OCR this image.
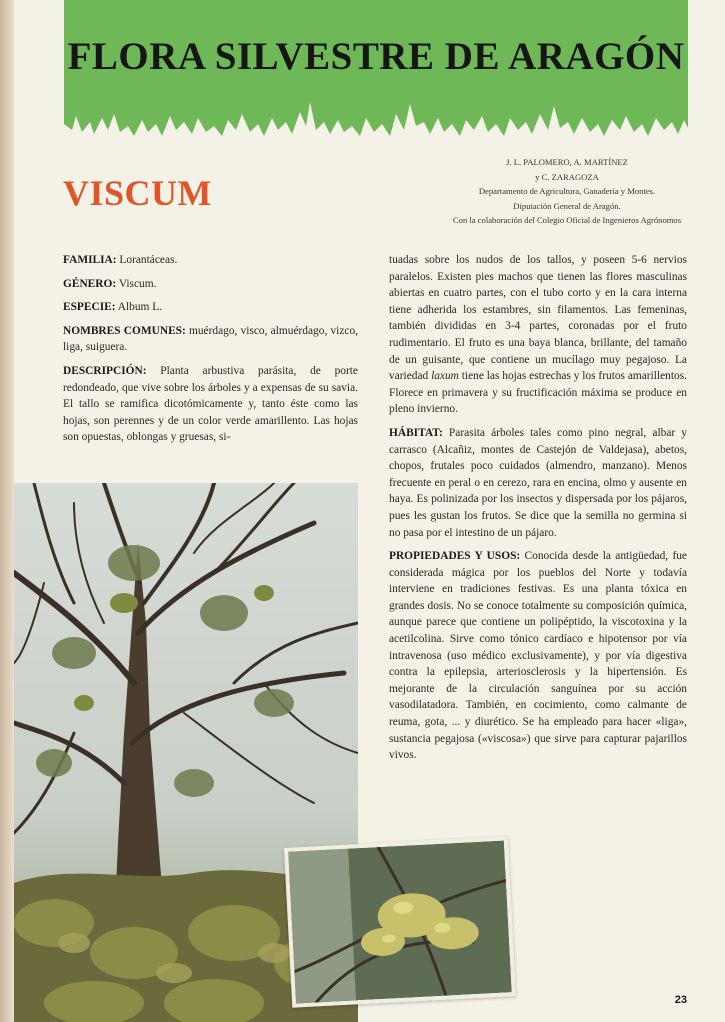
FLORA SILVESTRE DE ARAGÓN
VISCUM
J. L. PALOMERO, A. MARTÍNEZ
y C. ZARAGOZA
Departamento de Agricultura, Ganadería y Montes.
Diputación General de Aragón.
Con la colaboración del Colegio Oficial de Ingenieros Agrónomos

FAMILIA: Lorantáceas.

GÉNERO: Viscum.

ESPECIE: Album L.

NOMBRES COMUNES: muérdago, visco, almuérdago, vizco, liga, suiguera.

DESCRIPCIÓN: Planta arbustiva parásita, de porte redondeado, que vive sobre los árboles y a expensas de su savia. El tallo se ramifica dicotómicamente y, tanto éste como las hojas, son perennes y de un color verde amarillento. Las hojas son opuestas, oblongas y gruesas, si-

tuadas sobre los nudos de los tallos, y poseen 5-6 nervios paralelos. Existen pies machos que tienen las flores masculinas abiertas en cuatro partes, con el tubo corto y en la cara interna tiene adherida los estambres, sin filamentos. Las femeninas, también divididas en 3-4 partes, coronadas por el fruto rudimentario. El fruto es una baya blanca, brillante, del tamaño de un guisante, que contiene un mucílago muy pegajoso. La variedad laxum tiene las hojas estrechas y los frutos amarillentos. Florece en primavera y su fructificación máxima se produce en pleno invierno.

HÁBITAT: Parasita árboles tales como pino negral, albar y carrasco (Alcañiz, montes de Castejón de Valdejasa), abetos, chopos, frutales poco cuidados (almendro, manzano). Menos frecuente en peral o en cerezo, rara en encina, olmo y ausente en haya. Es polinizada por los insectos y dispersada por los pájaros, pues les gustan los frutos. Se dice que la semilla no germina si no pasa por el intestino de un pájaro.

PROPIEDADES Y USOS: Conocida desde la antigüedad, fue considerada mágica por los pueblos del Norte y todavía interviene en tradiciones festivas. Es una planta tóxica en grandes dosis. No se conoce totalmente su composición química, aunque parece que contiene un polipéptido, la viscotoxina y la acetilcolina. Sirve como tónico cardíaco e hipotensor por vía intravenosa (uso médico exclusivamente), y por vía digestiva contra la epilepsia, arteriosclerosis y la hipertensión. Es mejorante de la circulación sanguínea por su acción vasodilatadora. También, en cocimiento, como calmante de reuma, gota, ... y diurético. Se ha empleado para hacer «liga», sustancia pegajosa («viscosa») que sirve para capturar pajarillos vivos.

23
